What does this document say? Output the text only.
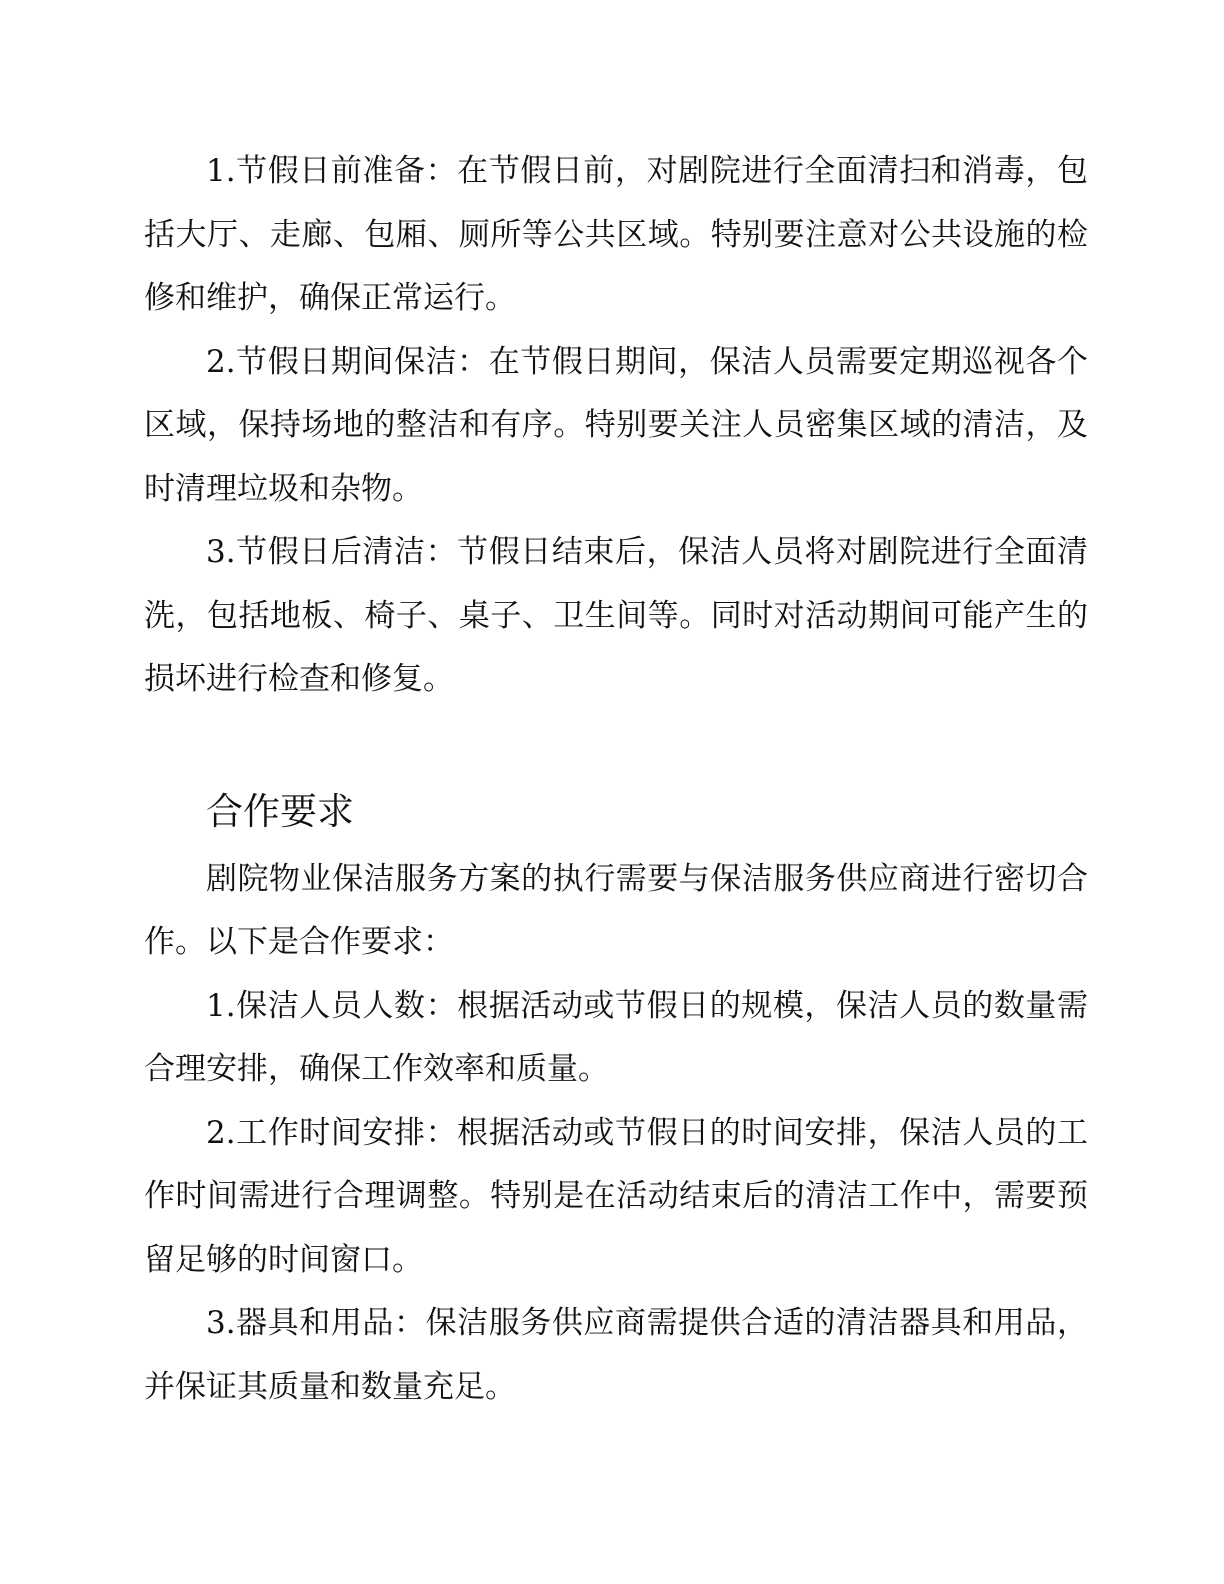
1.节假日前准备：在节假日前，对剧院进行全面清扫和消毒，包括大厅、走廊、包厢、厕所等公共区域。特别要注意对公共设施的检修和维护，确保正常运行。

2.节假日期间保洁：在节假日期间，保洁人员需要定期巡视各个区域，保持场地的整洁和有序。特别要关注人员密集区域的清洁，及时清理垃圾和杂物。

3.节假日后清洁：节假日结束后，保洁人员将对剧院进行全面清洗，包括地板、椅子、桌子、卫生间等。同时对活动期间可能产生的损坏进行检查和修复。

合作要求

剧院物业保洁服务方案的执行需要与保洁服务供应商进行密切合作。以下是合作要求：

1.保洁人员人数：根据活动或节假日的规模，保洁人员的数量需合理安排，确保工作效率和质量。

2.工作时间安排：根据活动或节假日的时间安排，保洁人员的工作时间需进行合理调整。特别是在活动结束后的清洁工作中，需要预留足够的时间窗口。

3.器具和用品：保洁服务供应商需提供合适的清洁器具和用品，并保证其质量和数量充足。
